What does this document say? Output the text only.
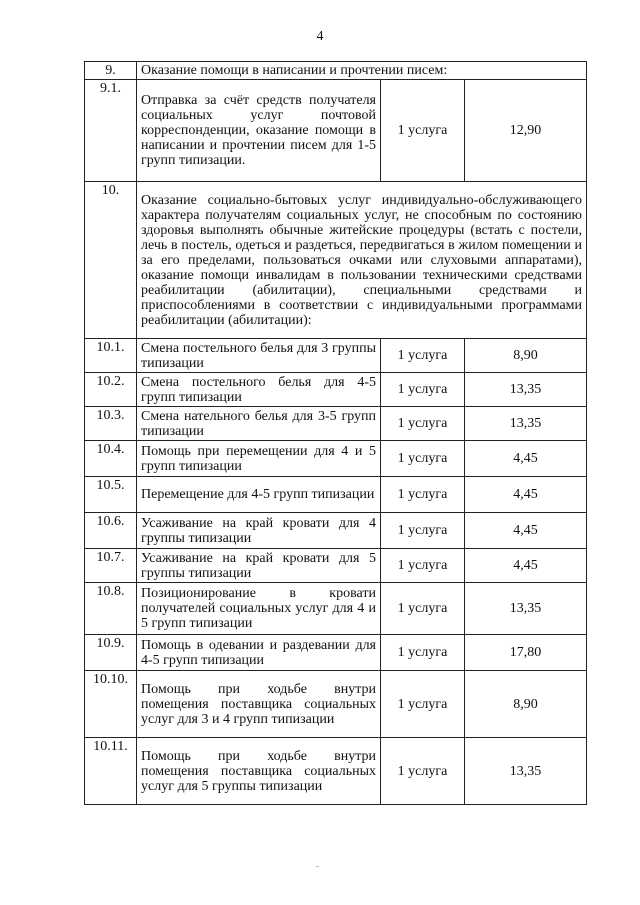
4
9.	Оказание помощи в написании и прочтении писем:		
9.1.	Отправка за счёт средств получателя социальных услуг почтовой корреспонденции, оказание помощи в написании и прочтении писем для 1-5 групп типизации.	1 услуга	12,90
10.	Оказание социально-бытовых услуг индивидуально-обслуживающего характера получателям социальных услуг, не способным по состоянию здоровья выполнять обычные житейские процедуры (встать с постели, лечь в постель, одеться и раздеться, передвигаться в жилом помещении и за его пределами, пользоваться очками или слуховыми аппаратами), оказание помощи инвалидам в пользовании техническими средствами реабилитации (абилитации), специальными средствами и приспособлениями в соответствии с индивидуальными программами реабилитации (абилитации):		
10.1.	Смена постельного белья для 3 группы типизации	1 услуга	8,90
10.2.	Смена постельного белья для 4-5 групп типизации	1 услуга	13,35
10.3.	Смена нательного белья для 3-5 групп типизации	1 услуга	13,35
10.4.	Помощь при перемещении для 4 и 5 групп типизации	1 услуга	4,45
10.5.	Перемещение для 4-5 групп типизации	1 услуга	4,45
10.6.	Усаживание на край кровати для 4 группы типизации	1 услуга	4,45
10.7.	Усаживание на край кровати для 5 группы типизации	1 услуга	4,45
10.8.	Позиционирование в кровати получателей социальных услуг для 4 и 5 групп типизации	1 услуга	13,35
10.9.	Помощь в одевании и раздевании для 4-5 групп типизации	1 услуга	17,80
10.10.	Помощь при ходьбе внутри помещения поставщика социальных услуг для 3 и 4 групп типизации	1 услуга	8,90
10.11.	Помощь при ходьбе внутри помещения поставщика социальных услуг для 5 группы типизации	1 услуга	13,35
